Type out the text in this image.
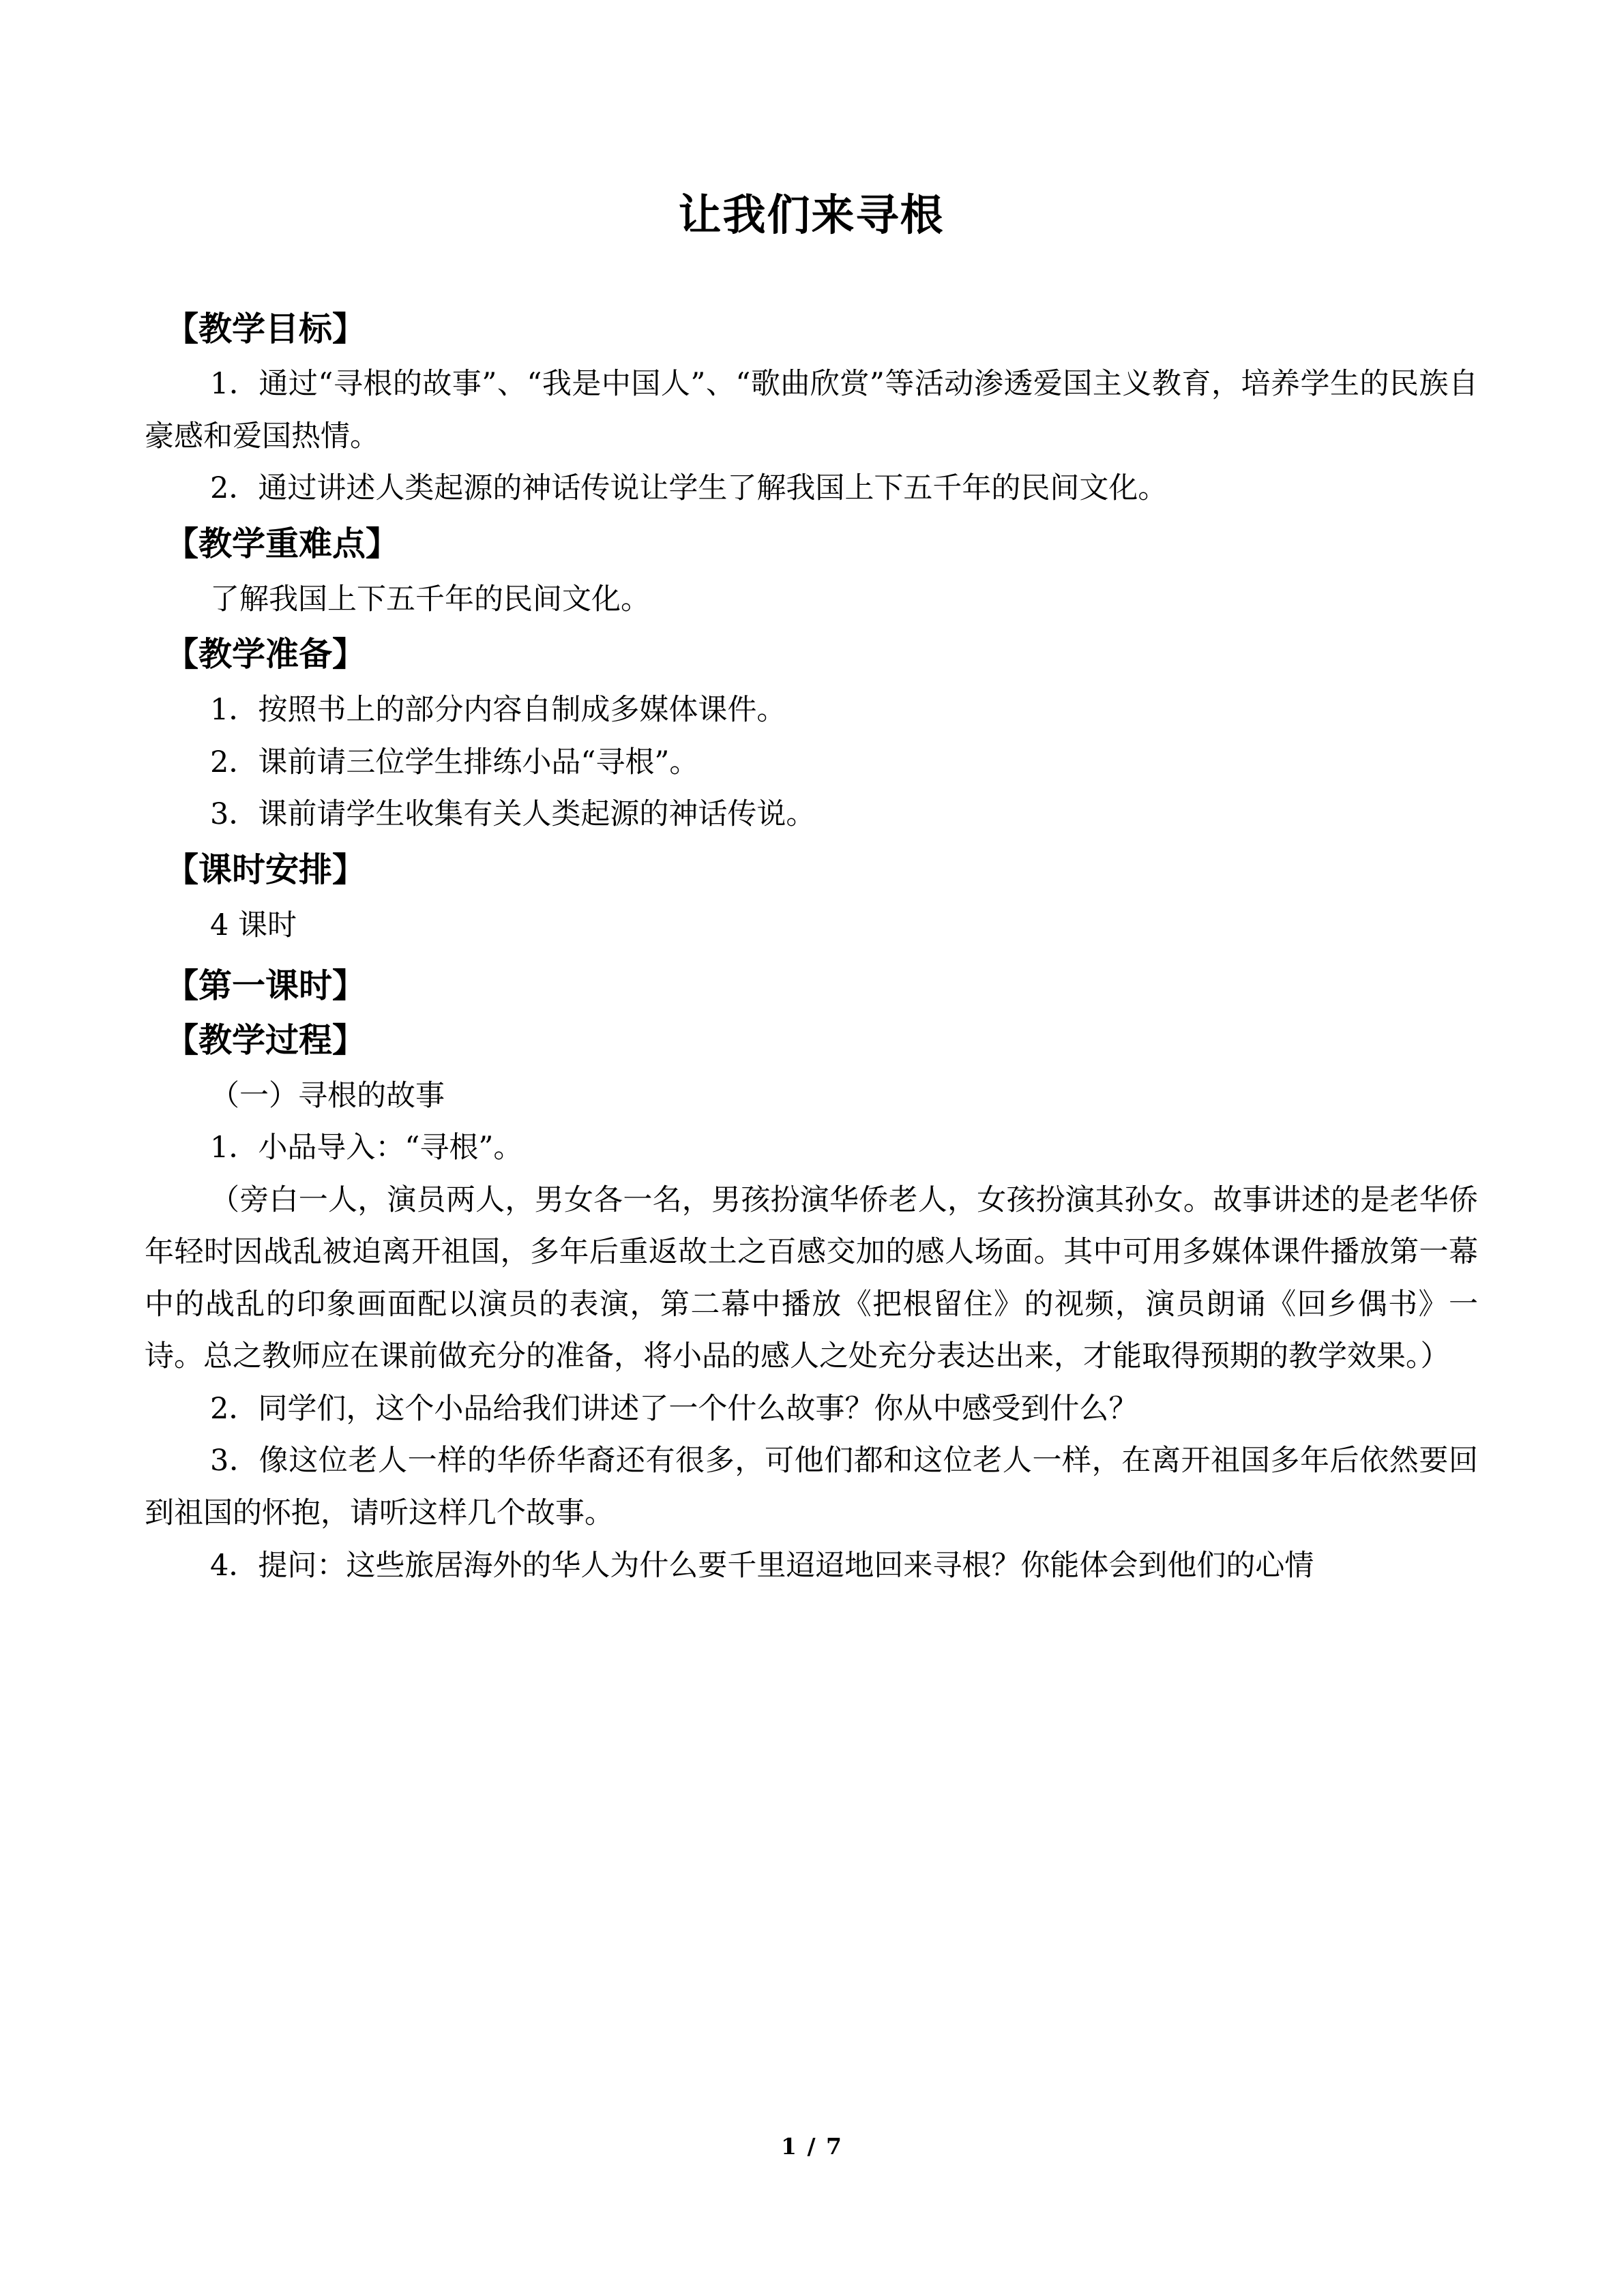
让我们来寻根
【教学目标】

1．通过“寻根的故事”、“我是中国人”、“歌曲欣赏”等活动渗透爱国主义教育，培养学生的民族自豪感和爱国热情。

2．通过讲述人类起源的神话传说让学生了解我国上下五千年的民间文化。

【教学重难点】

了解我国上下五千年的民间文化。

【教学准备】

1．按照书上的部分内容自制成多媒体课件。

2．课前请三位学生排练小品“寻根”。

3．课前请学生收集有关人类起源的神话传说。

【课时安排】

4 课时

【第一课时】
【教学过程】

（一）寻根的故事

1．小品导入：“寻根”。

（旁白一人，演员两人，男女各一名，男孩扮演华侨老人，女孩扮演其孙女。故事讲述的是老华侨年轻时因战乱被迫离开祖国，多年后重返故土之百感交加的感人场面。其中可用多媒体课件播放第一幕中的战乱的印象画面配以演员的表演，第二幕中播放《把根留住》的视频，演员朗诵《回乡偶书》一诗。总之教师应在课前做充分的准备，将小品的感人之处充分表达出来，才能取得预期的教学效果。）

2．同学们，这个小品给我们讲述了一个什么故事？你从中感受到什么？

3．像这位老人一样的华侨华裔还有很多，可他们都和这位老人一样，在离开祖国多年后依然要回到祖国的怀抱，请听这样几个故事。

4．提问：这些旅居海外的华人为什么要千里迢迢地回来寻根？你能体会到他们的心情

1 / 7
